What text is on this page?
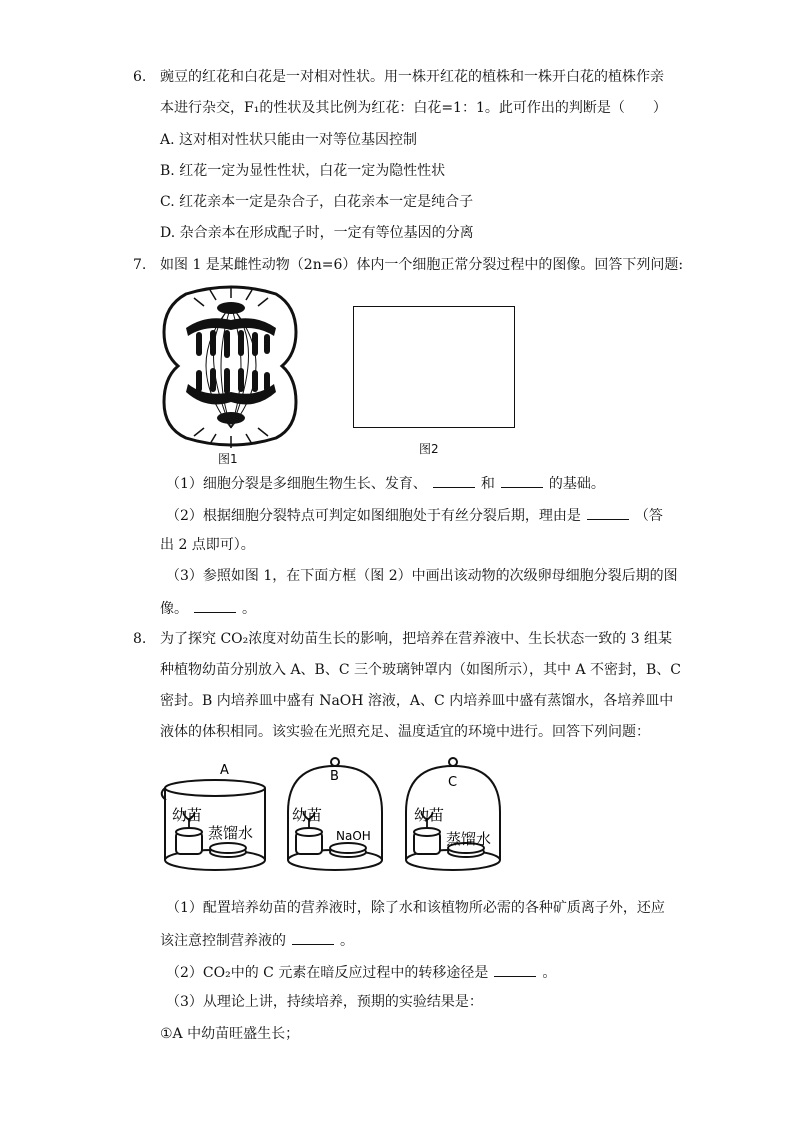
6. 豌豆的红花和白花是一对相对性状。用一株开红花的植株和一株开白花的植株作亲
本进行杂交，F₁的性状及其比例为红花：白花=1：1。此可作出的判断是（　　）
A. 这对相对性状只能由一对等位基因控制
B. 红花一定为显性性状，白花一定为隐性性状
C. 红花亲本一定是杂合子，白花亲本一定是纯合子
D. 杂合亲本在形成配子时，一定有等位基因的分离
7. 如图 1 是某雌性动物（2n=6）体内一个细胞正常分裂过程中的图像。回答下列问题:
图1
图2
（1）细胞分裂是多细胞生物生长、发育、	和	的基础。
（2）根据细胞分裂特点可判定如图细胞处于有丝分裂后期，理由是	（答
出 2 点即可）。
（3）参照如图 1，在下面方框（图 2）中画出该动物的次级卵母细胞分裂后期的图
像。	。
8. 为了探究 CO₂浓度对幼苗生长的影响，把培养在营养液中、生长状态一致的 3 组某
种植物幼苗分别放入 A、B、C 三个玻璃钟罩内（如图所示），其中 A 不密封，B、C
密封。B 内培养皿中盛有 NaOH 溶液，A、C 内培养皿中盛有蒸馏水，各培养皿中
液体的体积相同。该实验在光照充足、温度适宜的环境中进行。回答下列问题：
A	B	C
幼苗
蒸馏水
幼苗
NaOH
幼苗
蒸馏水
（1）配置培养幼苗的营养液时，除了水和该植物所必需的各种矿质离子外，还应
该注意控制营养液的	。
（2）CO₂中的 C 元素在暗反应过程中的转移途径是	。
（3）从理论上讲，持续培养，预期的实验结果是：
①A 中幼苗旺盛生长；
